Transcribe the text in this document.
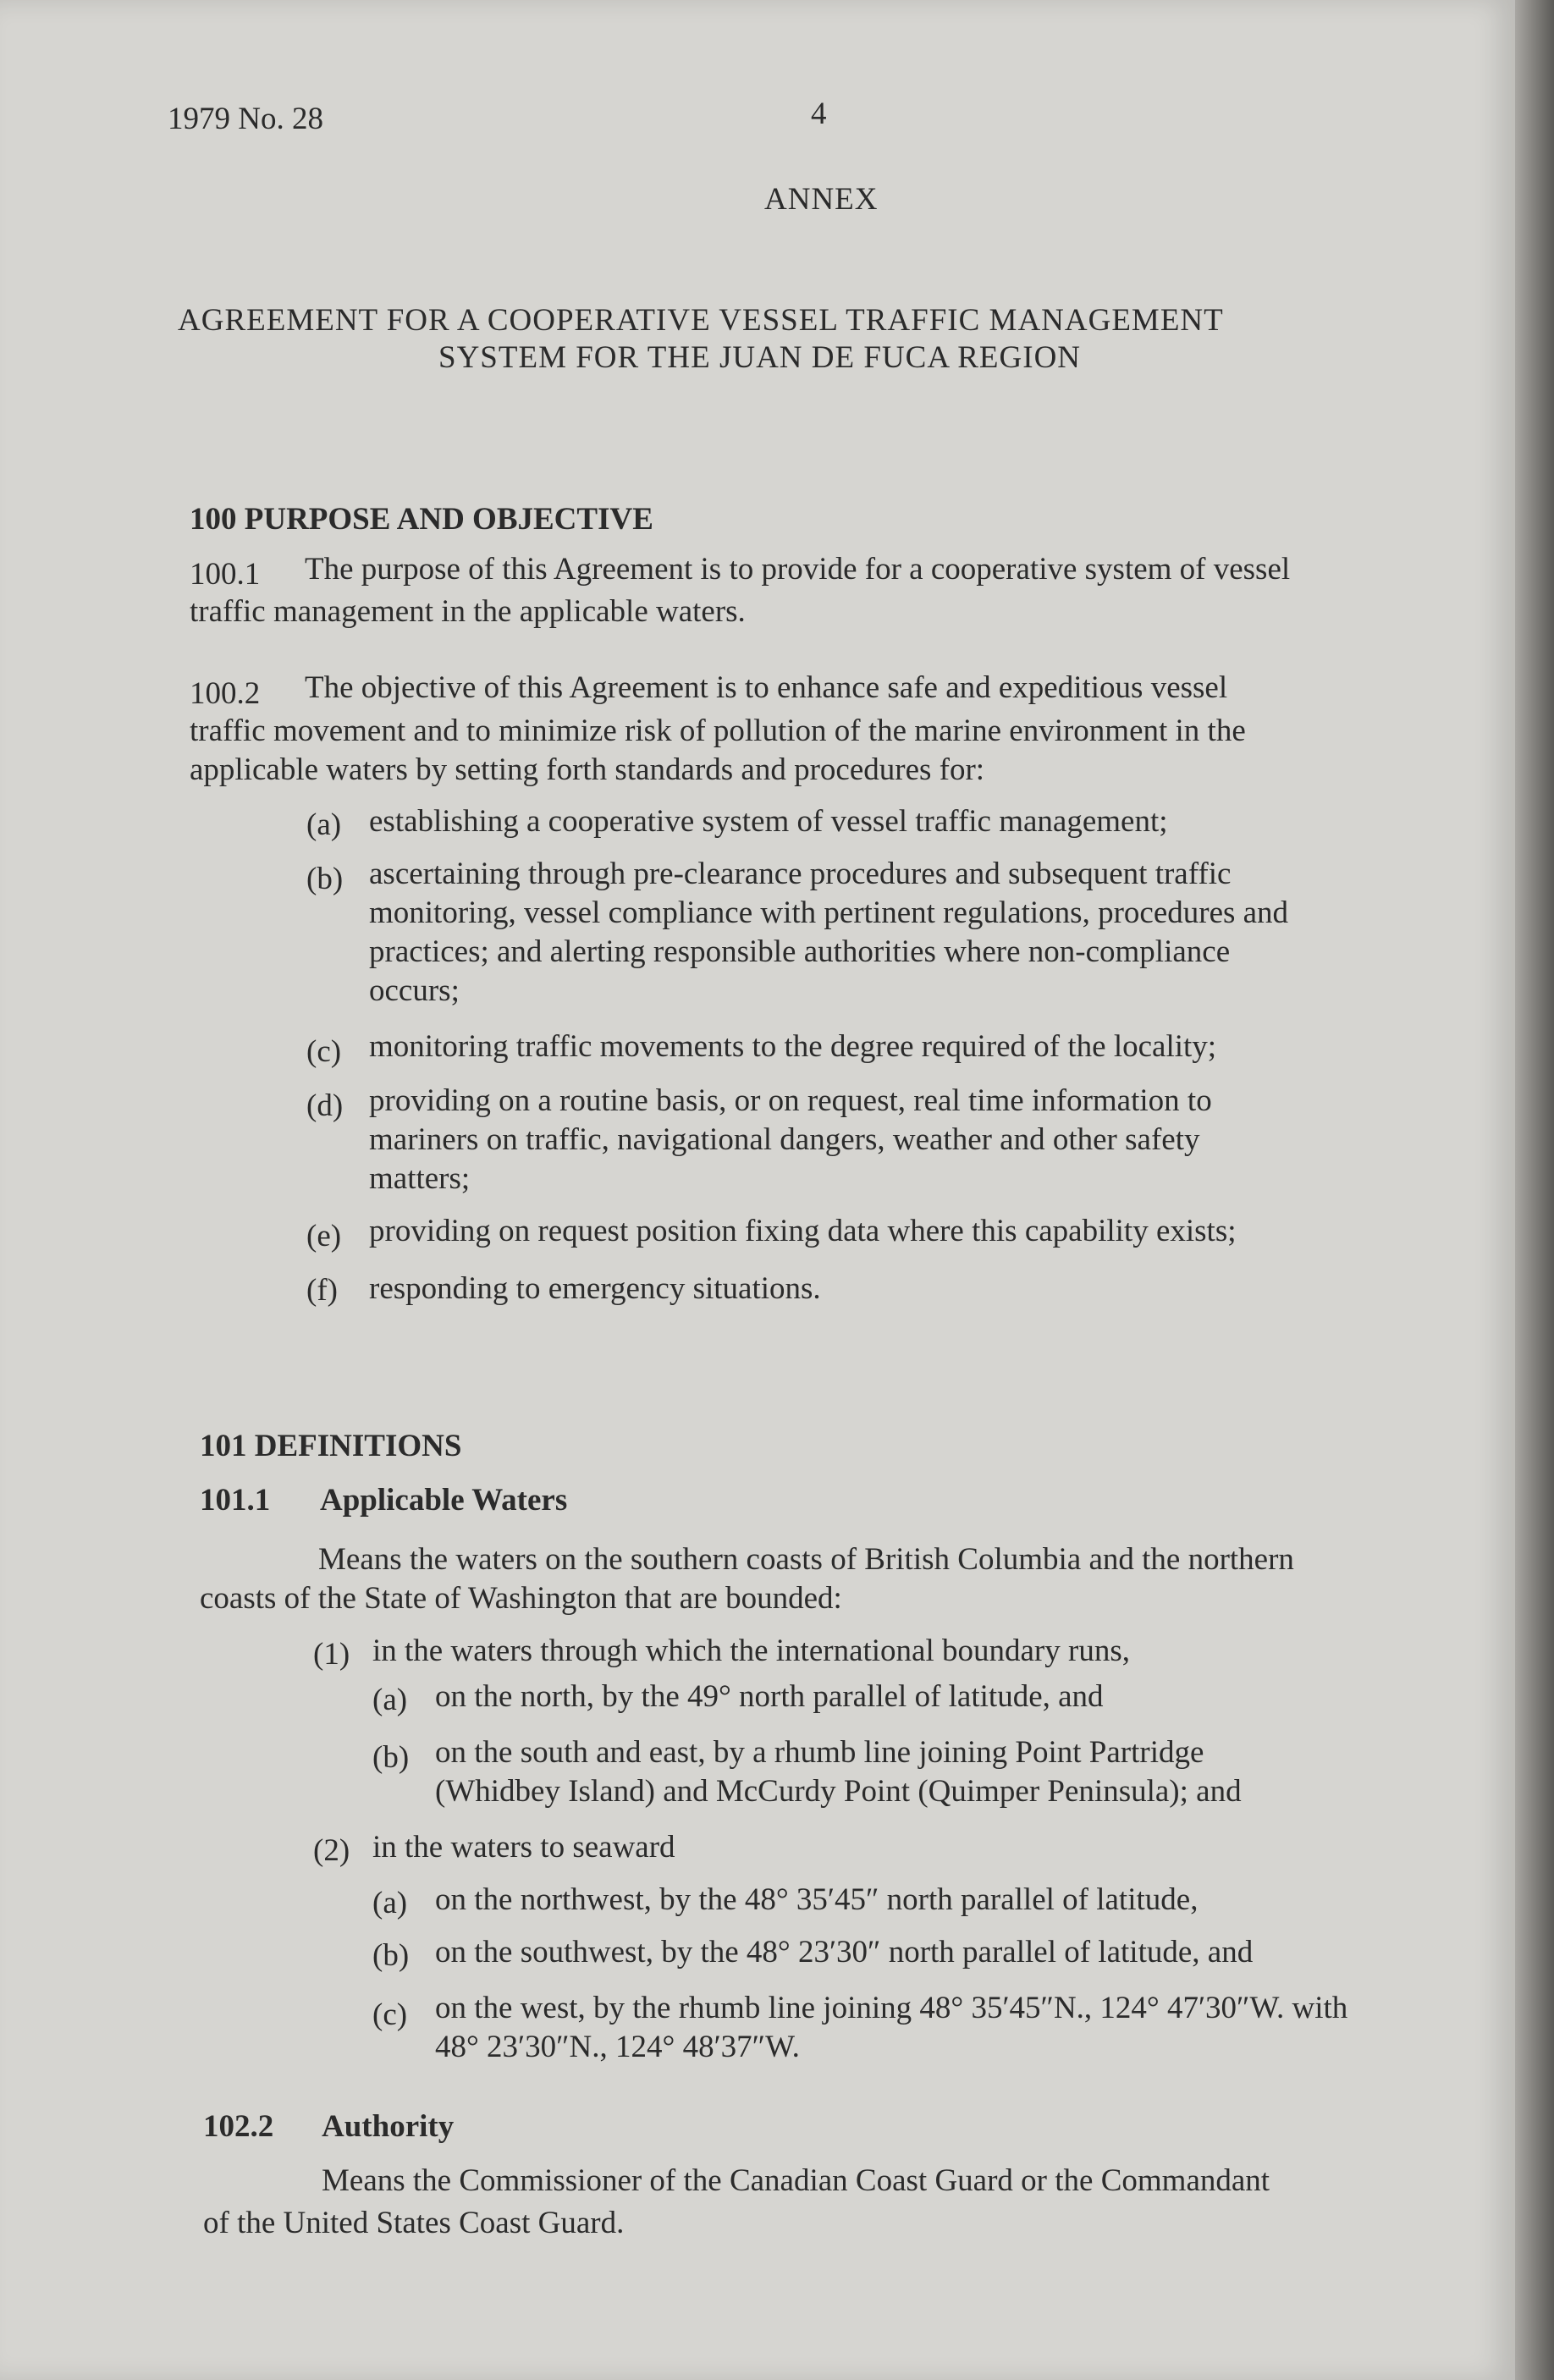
1979 No. 28	4
ANNEX
AGREEMENT FOR A COOPERATIVE VESSEL TRAFFIC MANAGEMENT
SYSTEM FOR THE JUAN DE FUCA REGION
100 PURPOSE AND OBJECTIVE
100.1 The purpose of this Agreement is to provide for a cooperative system of vessel
traffic management in the applicable waters.
100.2 The objective of this Agreement is to enhance safe and expeditious vessel
traffic movement and to minimize risk of pollution of the marine environment in the
applicable waters by setting forth standards and procedures for:
(a) establishing a cooperative system of vessel traffic management;
(b) ascertaining through pre-clearance procedures and subsequent traffic
monitoring, vessel compliance with pertinent regulations, procedures and
practices; and alerting responsible authorities where non-compliance
occurs;
(c) monitoring traffic movements to the degree required of the locality;
(d) providing on a routine basis, or on request, real time information to
mariners on traffic, navigational dangers, weather and other safety
matters;
(e) providing on request position fixing data where this capability exists;
(f) responding to emergency situations.
101 DEFINITIONS
101.1 Applicable Waters
Means the waters on the southern coasts of British Columbia and the northern
coasts of the State of Washington that are bounded:
(1) in the waters through which the international boundary runs,
(a) on the north, by the 49° north parallel of latitude, and
(b) on the south and east, by a rhumb line joining Point Partridge
(Whidbey Island) and McCurdy Point (Quimper Peninsula); and
(2) in the waters to seaward
(a) on the northwest, by the 48° 35′45″ north parallel of latitude,
(b) on the southwest, by the 48° 23′30″ north parallel of latitude, and
(c) on the west, by the rhumb line joining 48° 35′45″N., 124° 47′30″W. with
48° 23′30″N., 124° 48′37″W.
102.2 Authority
Means the Commissioner of the Canadian Coast Guard or the Commandant
of the United States Coast Guard.
